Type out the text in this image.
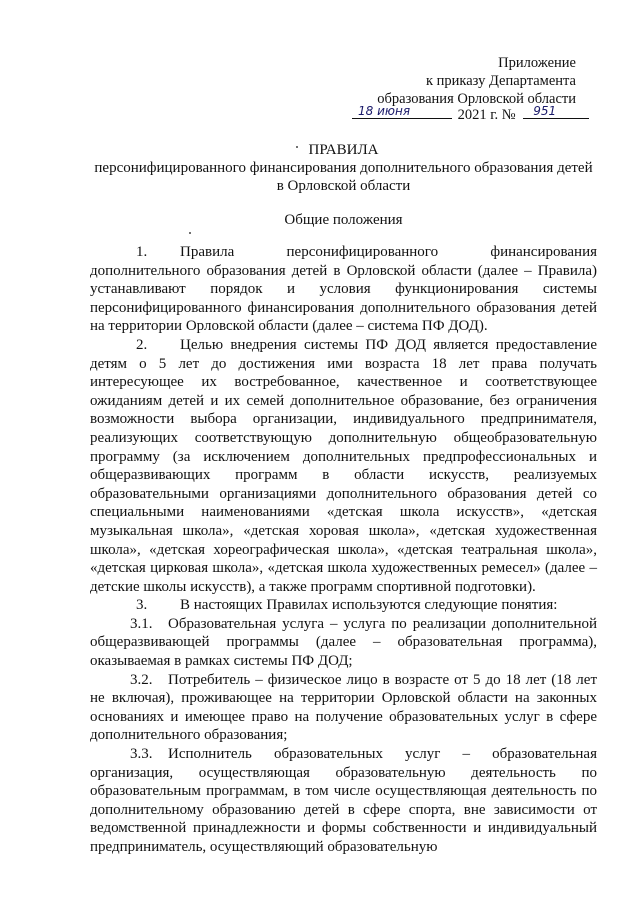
Приложение
к приказу Департамента
образования Орловской области
18 июня	2021 г. № 951
ПРАВИЛА
персонифицированного финансирования дополнительного образования детей
в Орловской области
Общие положения

1. Правила персонифицированного финансирования дополнительного образования детей в Орловской области (далее – Правила) устанавливают порядок и условия функционирования системы персонифицированного финансирования дополнительного образования детей на территории Орловской области (далее – система ПФ ДОД).

2. Целью внедрения системы ПФ ДОД является предоставление детям о 5 лет до достижения ими возраста 18 лет права получать интересующее их востребованное, качественное и соответствующее ожиданиям детей и их семей дополнительное образование, без ограничения возможности выбора организации, индивидуального предпринимателя, реализующих соответствующую дополнительную общеобразовательную программу (за исключением дополнительных предпрофессиональных и общеразвивающих программ в области искусств, реализуемых образовательными организациями дополнительного образования детей со специальными наименованиями «детская школа искусств», «детская музыкальная школа», «детская хоровая школа», «детская художественная школа», «детская хореографическая школа», «детская театральная школа», «детская цирковая школа», «детская школа художественных ремесел» (далее – детские школы искусств), а также программ спортивной подготовки).

3. В настоящих Правилах используются следующие понятия:

3.1. Образовательная услуга – услуга по реализации дополнительной общеразвивающей программы (далее – образовательная программа), оказываемая в рамках системы ПФ ДОД;

3.2. Потребитель – физическое лицо в возрасте от 5 до 18 лет (18 лет не включая), проживающее на территории Орловской области на законных основаниях и имеющее право на получение образовательных услуг в сфере дополнительного образования;

3.3. Исполнитель образовательных услуг – образовательная организация, осуществляющая образовательную деятельность по образовательным программам, в том числе осуществляющая деятельность по дополнительному образованию детей в сфере спорта, вне зависимости от ведомственной принадлежности и формы собственности и индивидуальный предприниматель, осуществляющий образовательную
